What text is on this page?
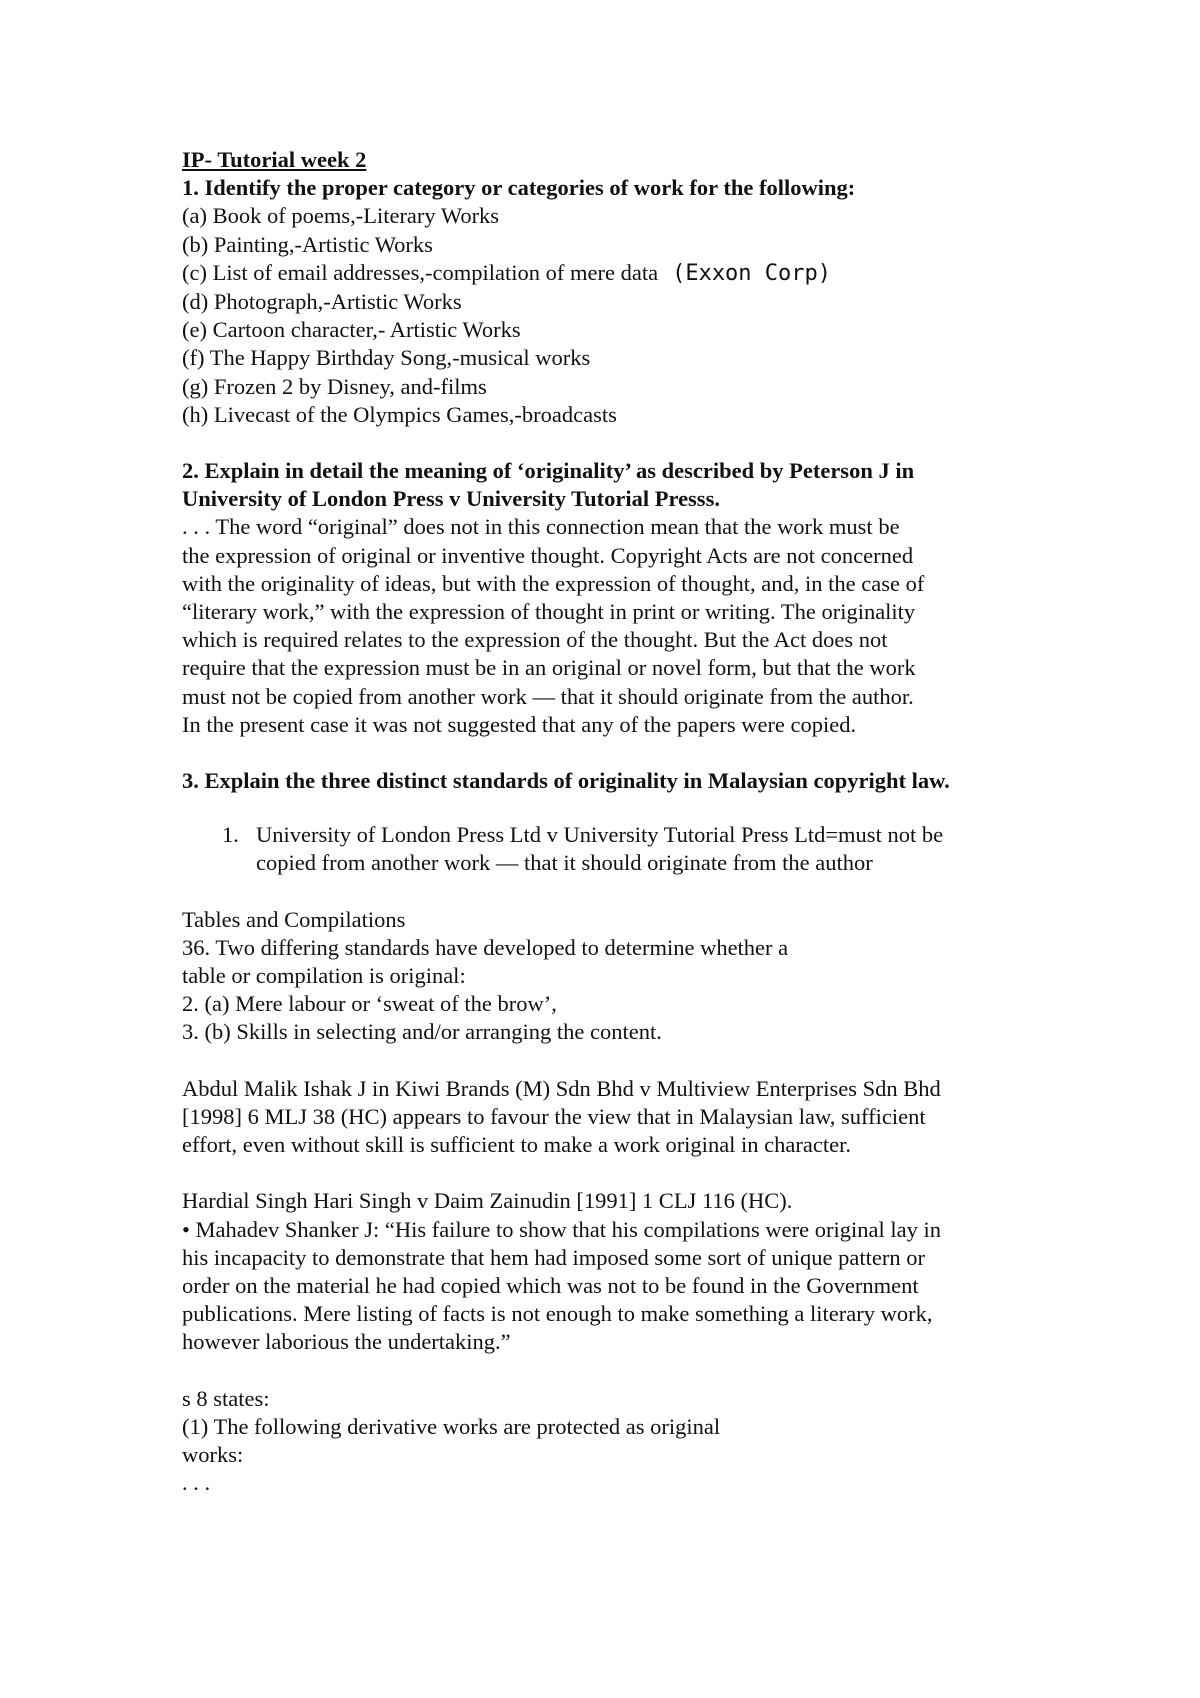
IP- Tutorial week 2
1. Identify the proper category or categories of work for the following:
(a) Book of poems,-Literary Works
(b) Painting,-Artistic Works
(c) List of email addresses,-compilation of mere data (Exxon Corp)
(d) Photograph,-Artistic Works
(e) Cartoon character,- Artistic Works
(f) The Happy Birthday Song,-musical works
(g) Frozen 2 by Disney, and-films
(h) Livecast of the Olympics Games,-broadcasts
2. Explain in detail the meaning of ‘originality’ as described by Peterson J in
University of London Press v University Tutorial Presss.
. . . The word “original” does not in this connection mean that the work must be
the expression of original or inventive thought. Copyright Acts are not concerned
with the originality of ideas, but with the expression of thought, and, in the case of
“literary work,” with the expression of thought in print or writing. The originality
which is required relates to the expression of the thought. But the Act does not
require that the expression must be in an original or novel form, but that the work
must not be copied from another work — that it should originate from the author.
In the present case it was not suggested that any of the papers were copied.
3. Explain the three distinct standards of originality in Malaysian copyright law.
1. University of London Press Ltd v University Tutorial Press Ltd=must not be
copied from another work — that it should originate from the author
Tables and Compilations
36. Two differing standards have developed to determine whether a
table or compilation is original:
2. (a) Mere labour or ‘sweat of the brow’,
3. (b) Skills in selecting and/or arranging the content.
Abdul Malik Ishak J in Kiwi Brands (M) Sdn Bhd v Multiview Enterprises Sdn Bhd
[1998] 6 MLJ 38 (HC) appears to favour the view that in Malaysian law, sufficient
effort, even without skill is sufficient to make a work original in character.
Hardial Singh Hari Singh v Daim Zainudin [1991] 1 CLJ 116 (HC).
• Mahadev Shanker J: “His failure to show that his compilations were original lay in
his incapacity to demonstrate that hem had imposed some sort of unique pattern or
order on the material he had copied which was not to be found in the Government
publications. Mere listing of facts is not enough to make something a literary work,
however laborious the undertaking.”
s 8 states:
(1) The following derivative works are protected as original
works:
. . .
